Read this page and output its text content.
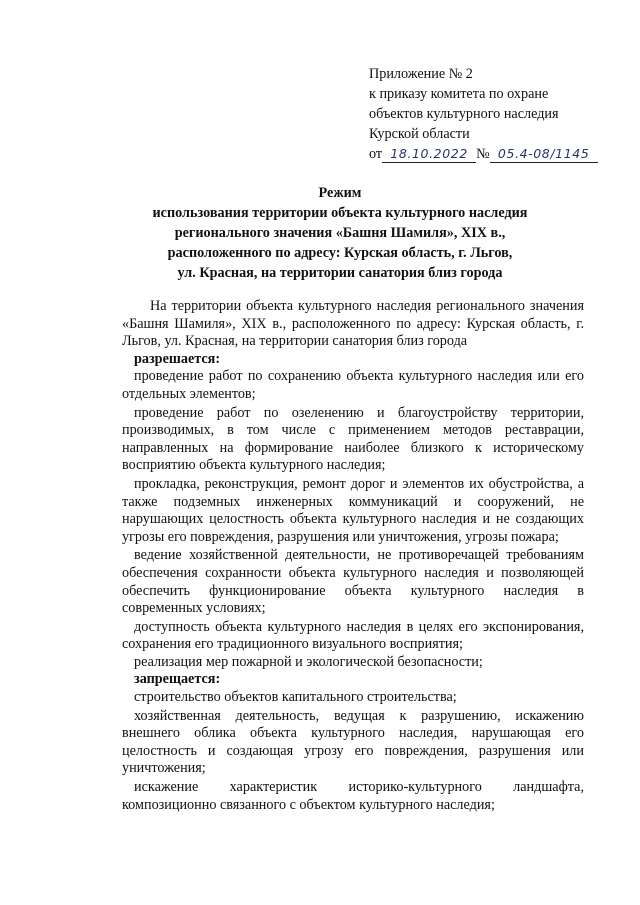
Приложение № 2
к приказу комитета по охране
объектов культурного наследия
Курской области
от 18.10.2022 № 05.4-08/1145
Режим
использования территории объекта культурного наследия
регионального значения «Башня Шамиля», XIX в.,
расположенного по адресу: Курская область, г. Льгов,
ул. Красная, на территории санатория близ города

На территории объекта культурного наследия регионального значения «Башня Шамиля», XIX в., расположенного по адресу: Курская область, г. Льгов, ул. Красная, на территории санатория близ города

разрешается:

проведение работ по сохранению объекта культурного наследия или его отдельных элементов;

проведение работ по озеленению и благоустройству территории, производимых, в том числе с применением методов реставрации, направленных на формирование наиболее близкого к историческому восприятию объекта культурного наследия;

прокладка, реконструкция, ремонт дорог и элементов их обустройства, а также подземных инженерных коммуникаций и сооружений, не нарушающих целостность объекта культурного наследия и не создающих угрозы его повреждения, разрушения или уничтожения, угрозы пожара;

ведение хозяйственной деятельности, не противоречащей требованиям обеспечения сохранности объекта культурного наследия и позволяющей обеспечить функционирование объекта культурного наследия в современных условиях;

доступность объекта культурного наследия в целях его экспонирования, сохранения его традиционного визуального восприятия;

реализация мер пожарной и экологической безопасности;

запрещается:

строительство объектов капитального строительства;

хозяйственная деятельность, ведущая к разрушению, искажению внешнего облика объекта культурного наследия, нарушающая его целостность и создающая угрозу его повреждения, разрушения или уничтожения;

искажение характеристик историко-культурного ландшафта, композиционно связанного с объектом культурного наследия;
